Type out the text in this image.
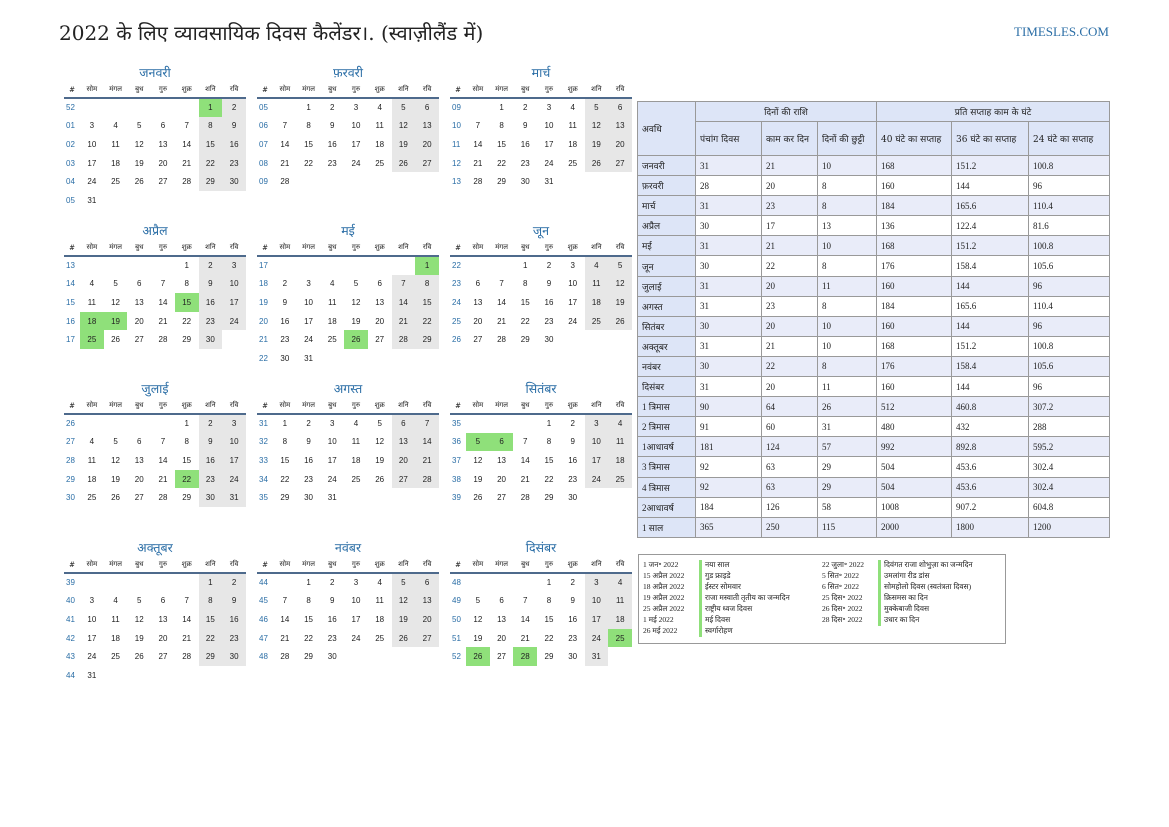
2022 के लिए व्यावसायिक दिवस कैलेंडर।. (स्वाज़ीलैंड में)	TIMESLES.COM
जनवरी
#	सोम	मंगल	बुध	गुरु	शुक्र	शनि	रवि
52						1	2
01	3	4	5	6	7	8	9
02	10	11	12	13	14	15	16
03	17	18	19	20	21	22	23
04	24	25	26	27	28	29	30
05	31						
फ़रवरी
#	सोम	मंगल	बुध	गुरु	शुक्र	शनि	रवि
05		1	2	3	4	5	6
06	7	8	9	10	11	12	13
07	14	15	16	17	18	19	20
08	21	22	23	24	25	26	27
09	28						
मार्च
#	सोम	मंगल	बुध	गुरु	शुक्र	शनि	रवि
09		1	2	3	4	5	6
10	7	8	9	10	11	12	13
11	14	15	16	17	18	19	20
12	21	22	23	24	25	26	27
13	28	29	30	31			
अप्रैल
#	सोम	मंगल	बुध	गुरु	शुक्र	शनि	रवि
13					1	2	3
14	4	5	6	7	8	9	10
15	11	12	13	14	15	16	17
16	18	19	20	21	22	23	24
17	25	26	27	28	29	30	
मई
#	सोम	मंगल	बुध	गुरु	शुक्र	शनि	रवि
17							1
18	2	3	4	5	6	7	8
19	9	10	11	12	13	14	15
20	16	17	18	19	20	21	22
21	23	24	25	26	27	28	29
22	30	31					
जून
#	सोम	मंगल	बुध	गुरु	शुक्र	शनि	रवि
22			1	2	3	4	5
23	6	7	8	9	10	11	12
24	13	14	15	16	17	18	19
25	20	21	22	23	24	25	26
26	27	28	29	30			
जुलाई
#	सोम	मंगल	बुध	गुरु	शुक्र	शनि	रवि
26					1	2	3
27	4	5	6	7	8	9	10
28	11	12	13	14	15	16	17
29	18	19	20	21	22	23	24
30	25	26	27	28	29	30	31
अगस्त
#	सोम	मंगल	बुध	गुरु	शुक्र	शनि	रवि
31	1	2	3	4	5	6	7
32	8	9	10	11	12	13	14
33	15	16	17	18	19	20	21
34	22	23	24	25	26	27	28
35	29	30	31				
सितंबर
#	सोम	मंगल	बुध	गुरु	शुक्र	शनि	रवि
35				1	2	3	4
36	5	6	7	8	9	10	11
37	12	13	14	15	16	17	18
38	19	20	21	22	23	24	25
39	26	27	28	29	30		
अक्तूबर
#	सोम	मंगल	बुध	गुरु	शुक्र	शनि	रवि
39						1	2
40	3	4	5	6	7	8	9
41	10	11	12	13	14	15	16
42	17	18	19	20	21	22	23
43	24	25	26	27	28	29	30
44	31						
नवंबर
#	सोम	मंगल	बुध	गुरु	शुक्र	शनि	रवि
44		1	2	3	4	5	6
45	7	8	9	10	11	12	13
46	14	15	16	17	18	19	20
47	21	22	23	24	25	26	27
48	28	29	30				
दिसंबर
#	सोम	मंगल	बुध	गुरु	शुक्र	शनि	रवि
48				1	2	3	4
49	5	6	7	8	9	10	11
50	12	13	14	15	16	17	18
51	19	20	21	22	23	24	25
52	26	27	28	29	30	31	
अवधि	दिनों की राशि			प्रति सप्ताह काम के घंटे		
	पंचांग दिवस	काम कर दिन	दिनों की छुट्टी	40 घंटे का सप्ताह	36 घंटे का सप्ताह	24 घंटे का सप्ताह
जनवरी	31	21	10	168	151.2	100.8
फ़रवरी	28	20	8	160	144	96
मार्च	31	23	8	184	165.6	110.4
अप्रैल	30	17	13	136	122.4	81.6
मई	31	21	10	168	151.2	100.8
जून	30	22	8	176	158.4	105.6
जुलाई	31	20	11	160	144	96
अगस्त	31	23	8	184	165.6	110.4
सितंबर	30	20	10	160	144	96
अक्तूबर	31	21	10	168	151.2	100.8
नवंबर	30	22	8	176	158.4	105.6
दिसंबर	31	20	11	160	144	96
1 त्रिमास	90	64	26	512	460.8	307.2
2 त्रिमास	91	60	31	480	432	288
1आधावर्ष	181	124	57	992	892.8	595.2
3 त्रिमास	92	63	29	504	453.6	302.4
4 त्रिमास	92	63	29	504	453.6	302.4
2आधावर्ष	184	126	58	1008	907.2	604.8
1 साल	365	250	115	2000	1800	1200
1 जन॰ 2022	नया साल
15 अप्रैल 2022	गुड फ्राइडे
18 अप्रैल 2022	ईस्टर सोमवार
19 अप्रैल 2022	राजा मस्वाती तृतीय का जन्मदिन
25 अप्रैल 2022	राष्ट्रीय ध्वज दिवस
1 मई 2022	मई दिवस
26 मई 2022	स्वर्गारोहण
22 जुला॰ 2022	दिवंगत राजा शोभुज़ा का जन्मदिन
5 सित॰ 2022	उमलांगा रीड डांस
6 सित॰ 2022	सोमहोलो दिवस (स्वतंत्रता दिवस)
25 दिस॰ 2022	क्रिसमस का दिन
26 दिस॰ 2022	मुक्केबाजी दिवस
28 दिस॰ 2022	उधार का दिन
